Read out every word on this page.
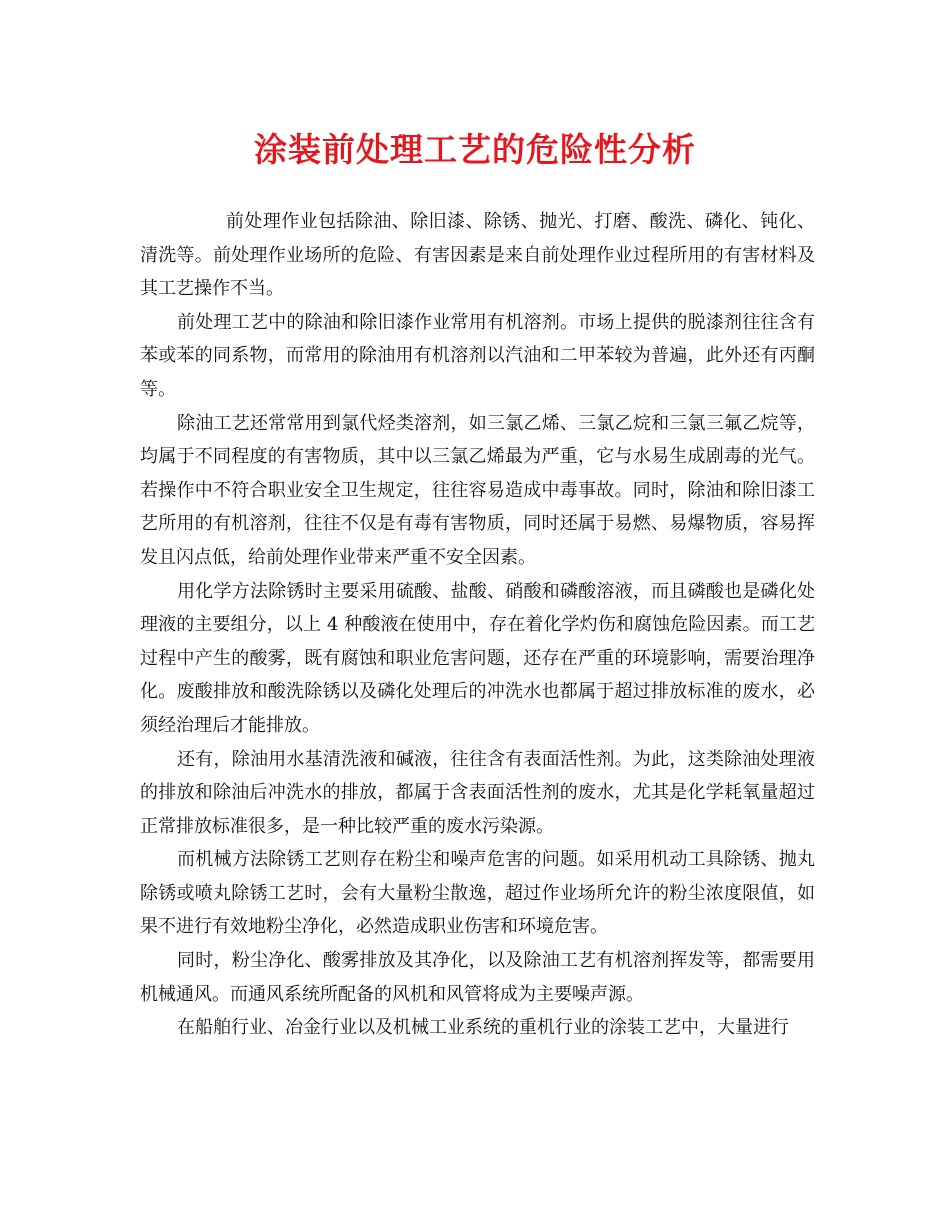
涂装前处理工艺的危险性分析

前处理作业包括除油、除旧漆、除锈、抛光、打磨、酸洗、磷化、钝化、清洗等。前处理作业场所的危险、有害因素是来自前处理作业过程所用的有害材料及其工艺操作不当。

前处理工艺中的除油和除旧漆作业常用有机溶剂。市场上提供的脱漆剂往往含有苯或苯的同系物，而常用的除油用有机溶剂以汽油和二甲苯较为普遍，此外还有丙酮等。

除油工艺还常常用到氯代烃类溶剂，如三氯乙烯、三氯乙烷和三氯三氟乙烷等，均属于不同程度的有害物质，其中以三氯乙烯最为严重，它与水易生成剧毒的光气。若操作中不符合职业安全卫生规定，往往容易造成中毒事故。同时，除油和除旧漆工艺所用的有机溶剂，往往不仅是有毒有害物质，同时还属于易燃、易爆物质，容易挥发且闪点低，给前处理作业带来严重不安全因素。

用化学方法除锈时主要采用硫酸、盐酸、硝酸和磷酸溶液，而且磷酸也是磷化处理液的主要组分，以上 4 种酸液在使用中，存在着化学灼伤和腐蚀危险因素。而工艺过程中产生的酸雾，既有腐蚀和职业危害问题，还存在严重的环境影响，需要治理净化。废酸排放和酸洗除锈以及磷化处理后的冲洗水也都属于超过排放标准的废水，必须经治理后才能排放。

还有，除油用水基清洗液和碱液，往往含有表面活性剂。为此，这类除油处理液的排放和除油后冲洗水的排放，都属于含表面活性剂的废水，尤其是化学耗氧量超过正常排放标准很多，是一种比较严重的废水污染源。

而机械方法除锈工艺则存在粉尘和噪声危害的问题。如采用机动工具除锈、抛丸除锈或喷丸除锈工艺时，会有大量粉尘散逸，超过作业场所允许的粉尘浓度限值，如果不进行有效地粉尘净化，必然造成职业伤害和环境危害。

同时，粉尘净化、酸雾排放及其净化，以及除油工艺有机溶剂挥发等，都需要用机械通风。而通风系统所配备的风机和风管将成为主要噪声源。

在船舶行业、冶金行业以及机械工业系统的重机行业的涂装工艺中，大量进行
